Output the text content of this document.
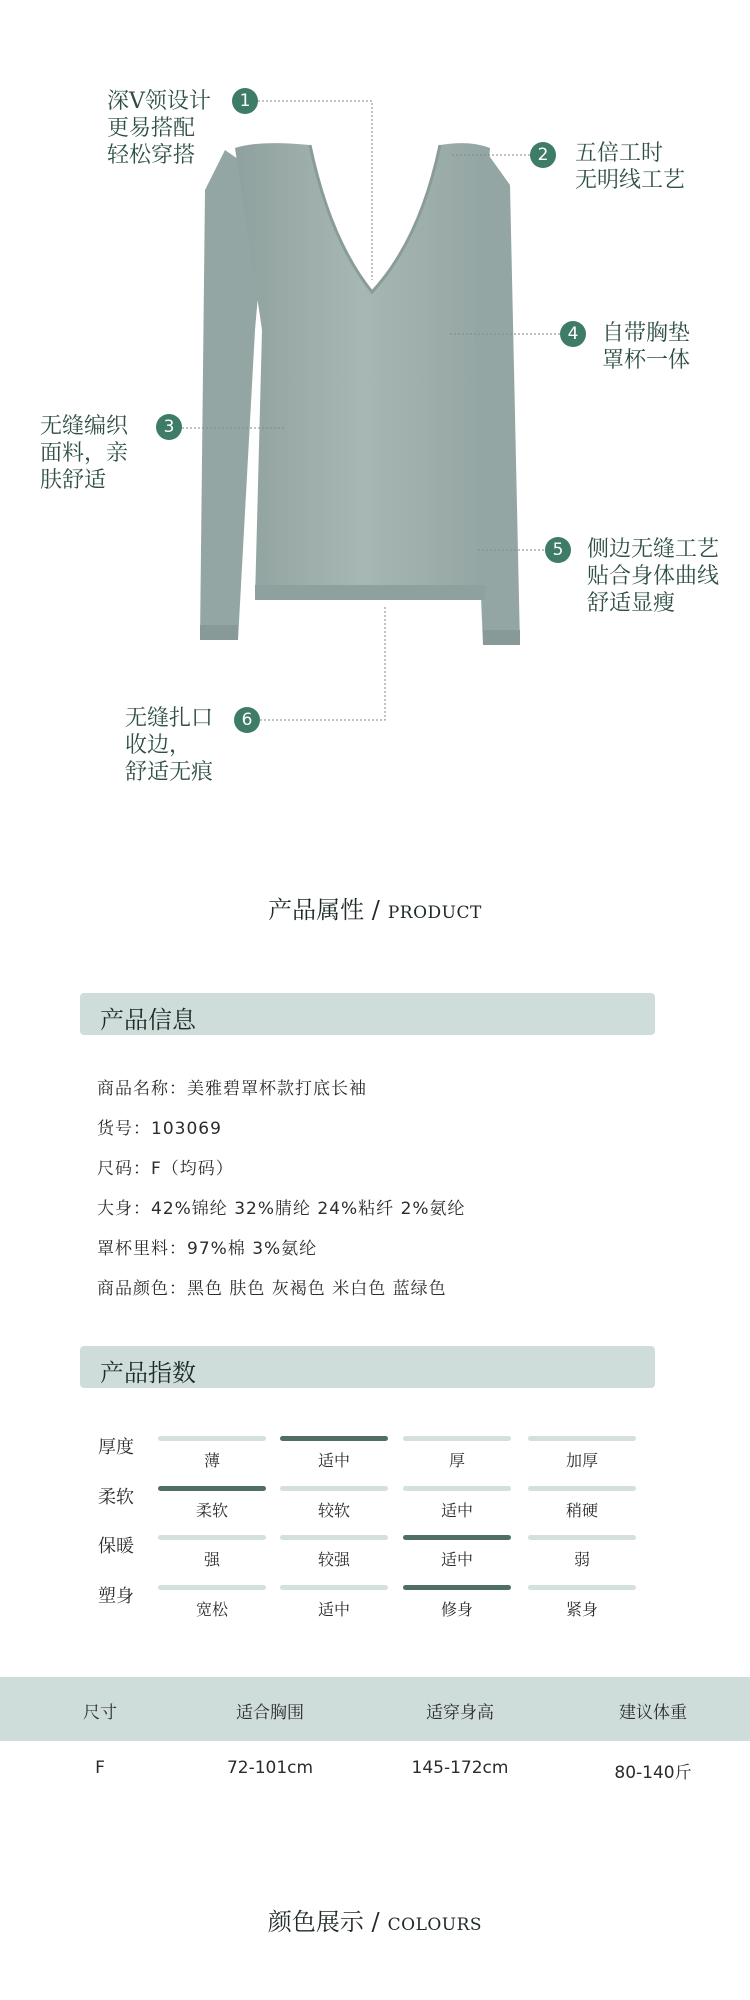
深V领设计
更易搭配
轻松穿搭
1
2	五倍工时
无明线工艺
无缝编织
面料，亲
肤舒适
3
4	自带胸垫
罩杯一体
5	侧边无缝工艺
贴合身体曲线
舒适显瘦
无缝扎口
收边，
舒适无痕
6
产品属性 / PRODUCT
产品信息
商品名称：美雅碧罩杯款打底长袖
货号：103069
尺码：F（均码）
大身：42%锦纶 32%腈纶 24%粘纤 2%氨纶
罩杯里料：97%棉 3%氨纶
商品颜色：黑色 肤色 灰褐色 米白色 蓝绿色
产品指数
厚度
薄	适中	厚	加厚
柔软
柔软	较软	适中	稍硬
保暖
强	较强	适中	弱
塑身
宽松	适中	修身	紧身
尺寸	适合胸围	适穿身高	建议体重
F	72-101cm	145-172cm	80-140斤
颜色展示 / COLOURS
